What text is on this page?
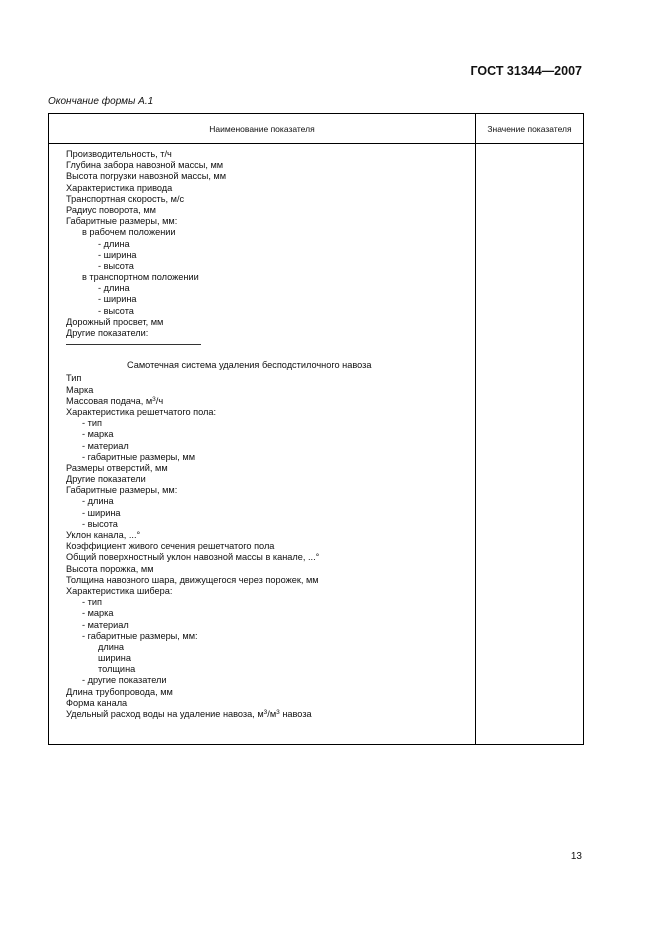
ГОСТ 31344—2007
Окончание формы А.1
Наименование показателя	Значение показателя
Производительность, т/ч
Глубина забора навозной массы, мм
Высота погрузки навозной массы, мм
Характеристика привода
Транспортная скорость, м/с
Радиус поворота, мм
Габаритные размеры, мм:
в рабочем положении
- длина
- ширина
- высота
в транспортном положении
- длина
- ширина
- высота
Дорожный просвет, мм
Другие показатели:
Самотечная система удаления бесподстилочного навоза
Тип
Марка
Массовая подача, $м^3/ч$
Характеристика решетчатого пола:
- тип
- марка
- материал
- габаритные размеры, мм
Размеры отверстий, мм
Другие показатели
Габаритные размеры, мм:
- длина
- ширина
- высота
Уклон канала, ...°
Коэффициент живого сечения решетчатого пола
Общий поверхностный уклон навозной массы в канале, ...°
Высота порожка, мм
Толщина навозного шара, движущегося через порожек, мм
Характеристика шибера:
- тип
- марка
- материал
- габаритные размеры, мм:
длина
ширина
толщина
- другие показатели
Длина трубопровода, мм
Форма канала
Удельный расход воды на удаление навоза, $м^3/м^3$ навоза
13
